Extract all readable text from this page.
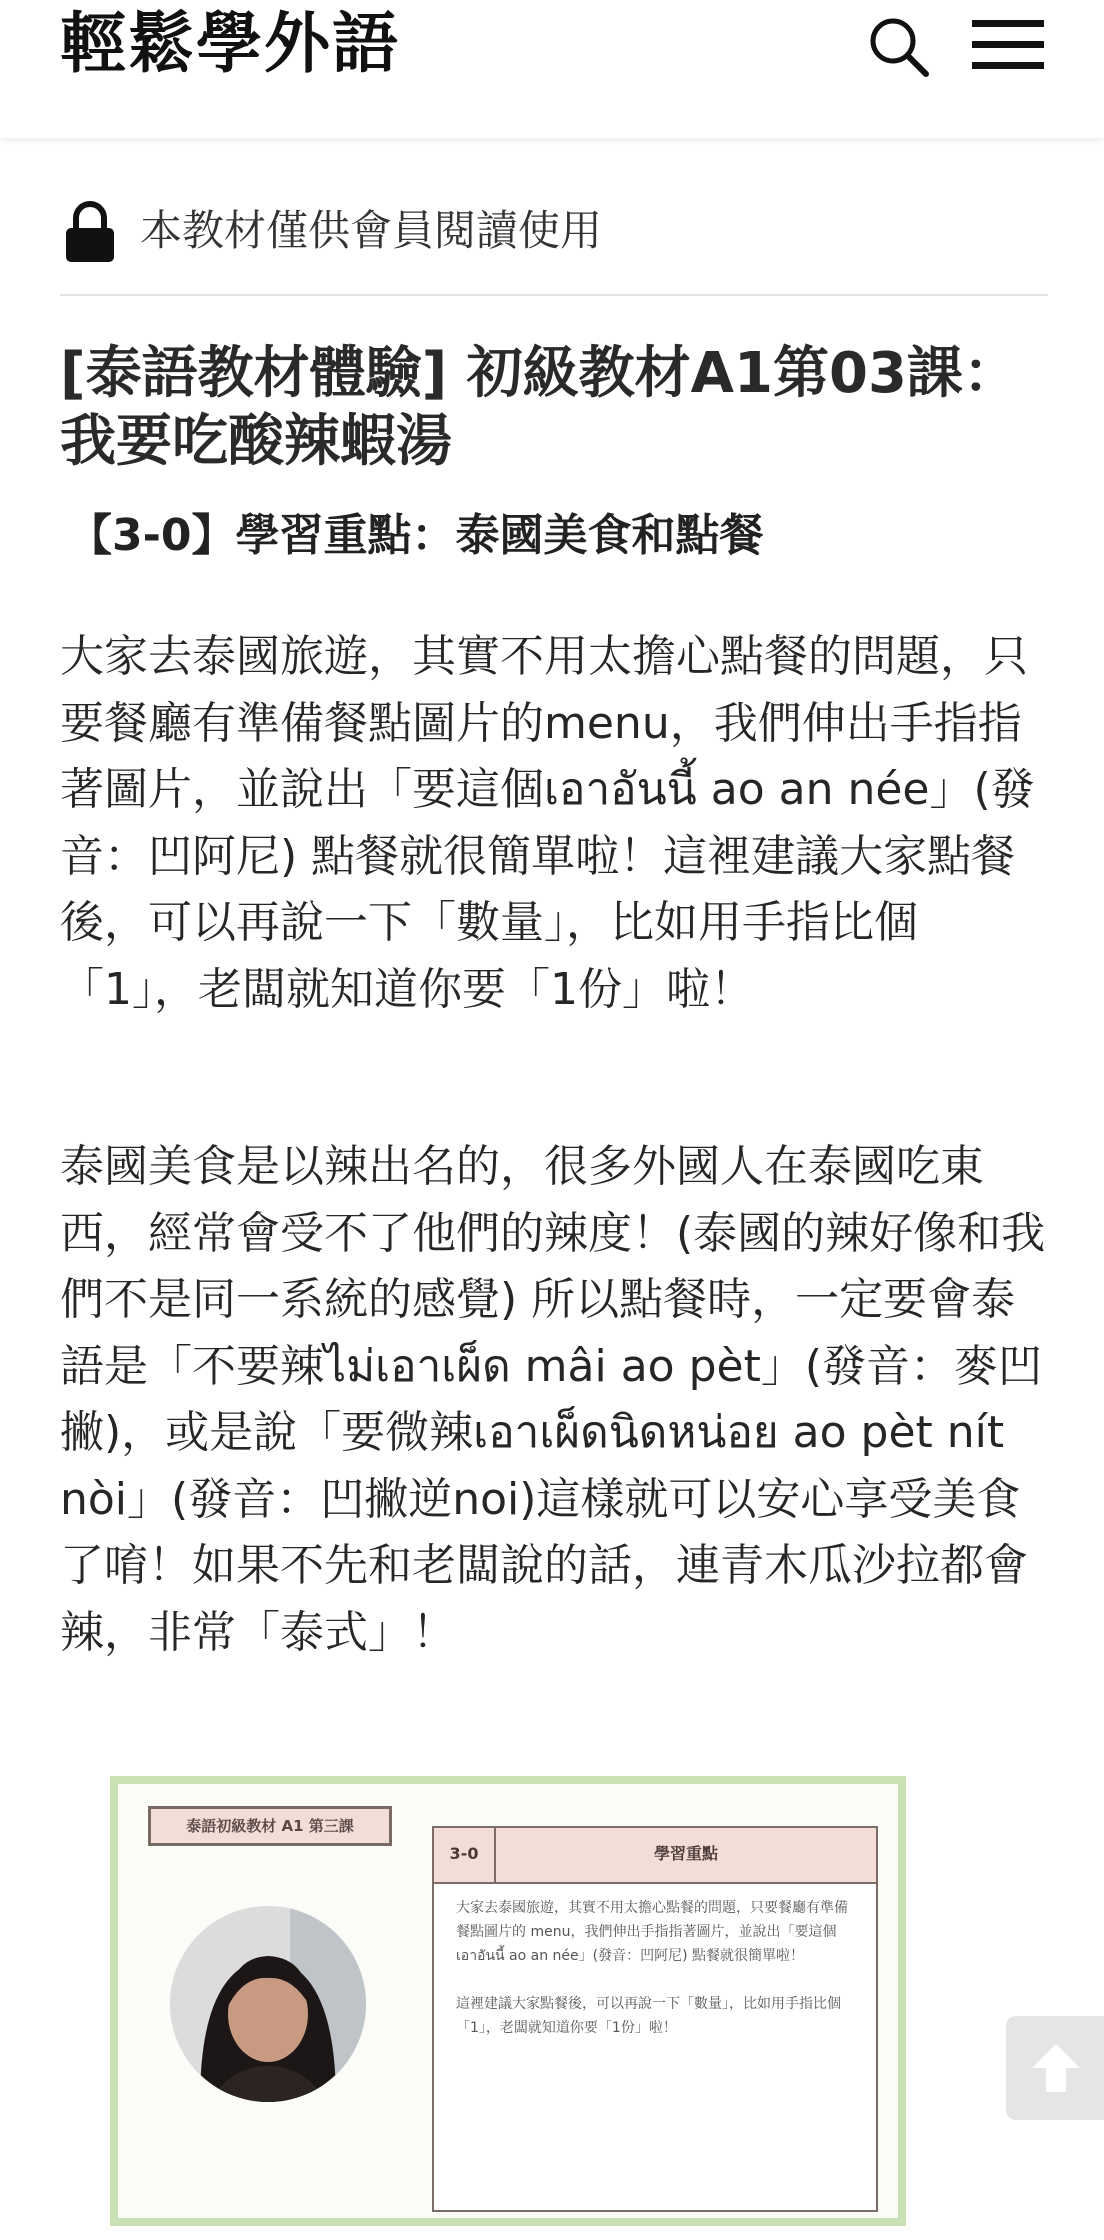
輕鬆學外語
本教材僅供會員閱讀使用
[泰語教材體驗] 初級教材A1第03課：我要吃酸辣蝦湯
【3-0】學習重點：泰國美食和點餐

大家去泰國旅遊，其實不用太擔心點餐的問題，只要餐廳有準備餐點圖片的menu，我們伸出手指指著圖片，並說出「要這個เอาอันนี้ ao an née」(發音：凹阿尼) 點餐就很簡單啦！這裡建議大家點餐後，可以再說一下「數量」，比如用手指比個「1」，老闆就知道你要「1份」啦！

泰國美食是以辣出名的，很多外國人在泰國吃東西，經常會受不了他們的辣度！(泰國的辣好像和我們不是同一系統的感覺) 所以點餐時，一定要會泰語是「不要辣ไม่เอาเผ็ด mâi ao pèt」(發音：麥凹撇)，或是說「要微辣เอาเผ็ดนิดหน่อย ao pèt nít nòi」(發音：凹撇逆noi)這樣就可以安心享受美食了唷！如果不先和老闆說的話，連青木瓜沙拉都會辣，非常「泰式」！

泰語初級教材 A1 第三課
3-0	學習重點

大家去泰國旅遊，其實不用太擔心點餐的問題，只要餐廳有準備餐點圖片的 menu，我們伸出手指指著圖片，並說出「要這個 เอาอันนี้ ao an née」(發音：凹阿尼) 點餐就很簡單啦！

這裡建議大家點餐後，可以再說一下「數量」，比如用手指比個「1」，老闆就知道你要「1份」啦！
